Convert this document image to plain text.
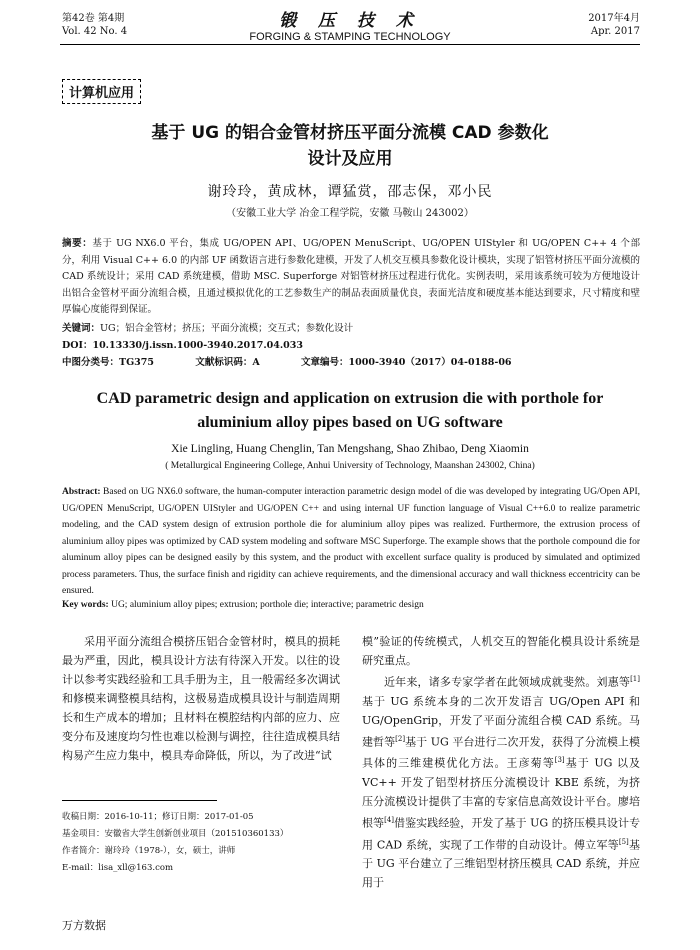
第42卷 第4期
Vol. 42 No. 4
锻 压 技 术
FORGING & STAMPING TECHNOLOGY
2017年4月
Apr. 2017
计算机应用
基于 UG 的铝合金管材挤压平面分流模 CAD 参数化
设计及应用
谢玲玲，黄成林，谭猛赏，邵志保，邓小民
（安徽工业大学 冶金工程学院，安徽 马鞍山 243002）
摘要：基于 UG NX6.0 平台，集成 UG/OPEN API、UG/OPEN MenuScript、UG/OPEN UIStyler 和 UG/OPEN C++ 4 个部分，利用 Visual C++ 6.0 的内部 UF 函数语言进行参数化建模，开发了人机交互模具参数化设计模块，实现了铝管材挤压平面分流模的 CAD 系统设计；采用 CAD 系统建模，借助 MSC. Superforge 对铝管材挤压过程进行优化。实例表明，采用该系统可较为方便地设计出铝合金管材平面分流组合模，且通过模拟优化的工艺参数生产的制品表面质量优良，表面光洁度和硬度基本能达到要求，尺寸精度和壁厚偏心度能得到保证。
关键词：UG；铝合金管材；挤压；平面分流模；交互式；参数化设计
DOI：10.13330/j.issn.1000-3940.2017.04.033
中图分类号：TG375	文献标识码：A	文章编号：1000-3940（2017）04-0188-06
CAD parametric design and application on extrusion die with porthole for
aluminium alloy pipes based on UG software
Xie Lingling, Huang Chenglin, Tan Mengshang, Shao Zhibao, Deng Xiaomin
( Metallurgical Engineering College, Anhui University of Technology, Maanshan 243002, China)
Abstract: Based on UG NX6.0 software, the human-computer interaction parametric design model of die was developed by integrating UG/Open API, UG/OPEN MenuScript, UG/OPEN UIStyler and UG/OPEN C++ and using internal UF function language of Visual C++6.0 to realize parametric modeling, and the CAD system design of extrusion porthole die for aluminium alloy pipes was realized. Furthermore, the extrusion process of aluminium alloy pipes was optimized by CAD system modeling and software MSC Superforge. The example shows that the porthole compound die for aluminum alloy pipes can be designed easily by this system, and the product with excellent surface quality is produced by simulated and optimized process parameters. Thus, the surface finish and rigidity can achieve requirements, and the dimensional accuracy and wall thickness eccentricity can be ensured.
Key words: UG; aluminium alloy pipes; extrusion; porthole die; interactive; parametric design

采用平面分流组合模挤压铝合金管材时，模具的损耗最为严重，因此，模具设计方法有待深入开发。以往的设计以参考实践经验和工具手册为主，且一般需经多次调试和修模来调整模具结构，这极易造成模具设计与制造周期长和生产成本的增加；且材料在模腔结构内部的应力、应变分布及速度均匀性也难以检测与调控，往往造成模具结构易产生应力集中，模具寿命降低，所以，为了改进“试

模”验证的传统模式，人机交互的智能化模具设计系统是研究重点。

近年来，诸多专家学者在此领域成就斐然。刘惠等[1]基于 UG 系统本身的二次开发语言 UG/Open API 和 UG/OpenGrip，开发了平面分流组合模 CAD 系统。马建哲等[2]基于 UG 平台进行二次开发，获得了分流模上模具体的三维建模优化方法。王彦菊等[3]基于 UG 以及 VC++ 开发了铝型材挤压分流模设计 KBE 系统，为挤压分流模设计提供了丰富的专家信息高效设计平台。廖培根等[4]借鉴实践经验，开发了基于 UG 的挤压模具设计专用 CAD 系统，实现了工作带的自动设计。傅立军等[5]基于 UG 平台建立了三维铝型材挤压模具 CAD 系统，并应用于

收稿日期：2016-10-11；修订日期：2017-01-05
基金项目：安徽省大学生创新创业项目（201510360133）
作者简介：谢玲玲（1978-），女，硕士，讲师
E-mail：lisa_xll@163.com
万方数据
